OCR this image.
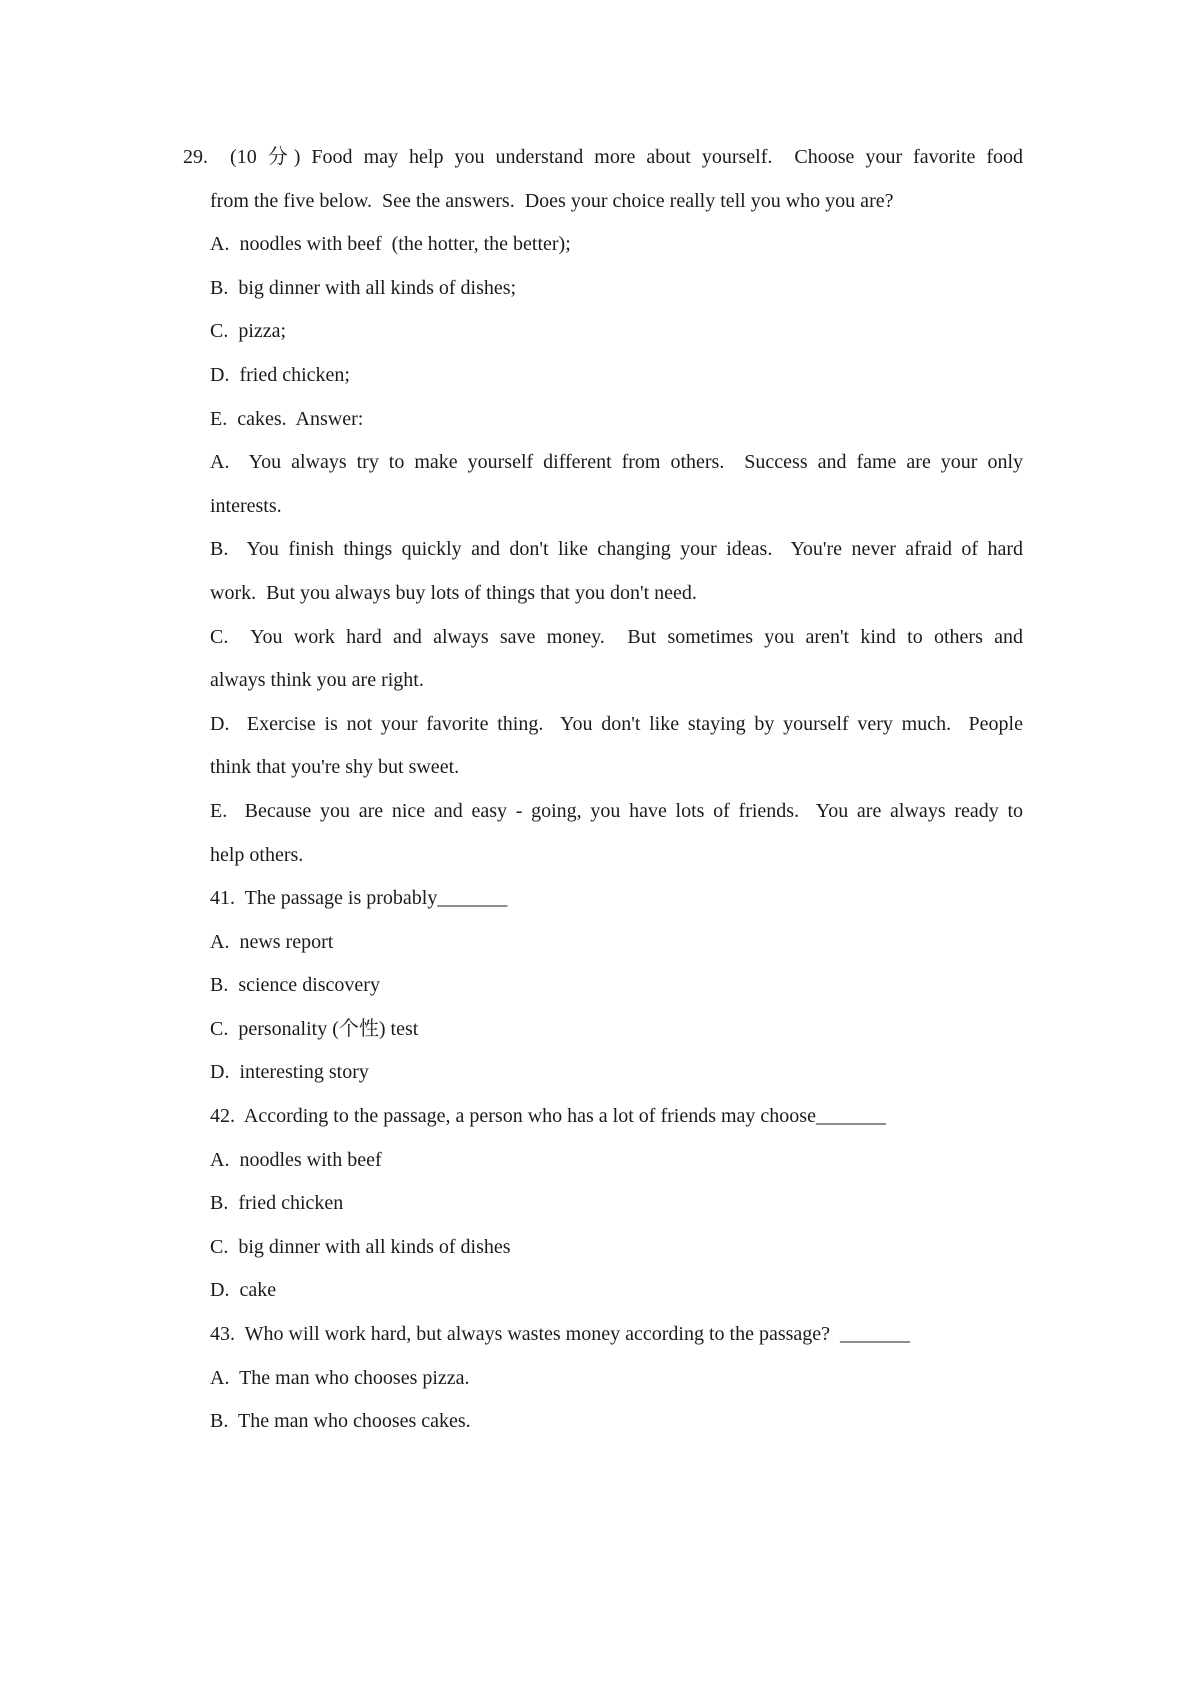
29.  (10 分) Food may help you understand more about yourself.  Choose your favorite food
from the five below.  See the answers.  Does your choice really tell you who you are?
A.  noodles with beef  (the hotter, the better);
B.  big dinner with all kinds of dishes;
C.  pizza;
D.  fried chicken;
E.  cakes.  Answer:
A.  You always try to make yourself different from others.  Success and fame are your only
interests.
B.  You finish things quickly and don't like changing your ideas.  You're never afraid of hard
work.  But you always buy lots of things that you don't need.
C.  You work hard and always save money.  But sometimes you aren't kind to others and
always think you are right.
D.  Exercise is not your favorite thing.  You don't like staying by yourself very much.  People
think that you're shy but sweet.
E.  Because you are nice and easy - going, you have lots of friends.  You are always ready to
help others.
41.  The passage is probably_______
A.  news report
B.  science discovery
C.  personality (个性) test
D.  interesting story
42.  According to the passage, a person who has a lot of friends may choose_______
A.  noodles with beef
B.  fried chicken
C.  big dinner with all kinds of dishes
D.  cake
43.  Who will work hard, but always wastes money according to the passage?  _______
A.  The man who chooses pizza.
B.  The man who chooses cakes.
